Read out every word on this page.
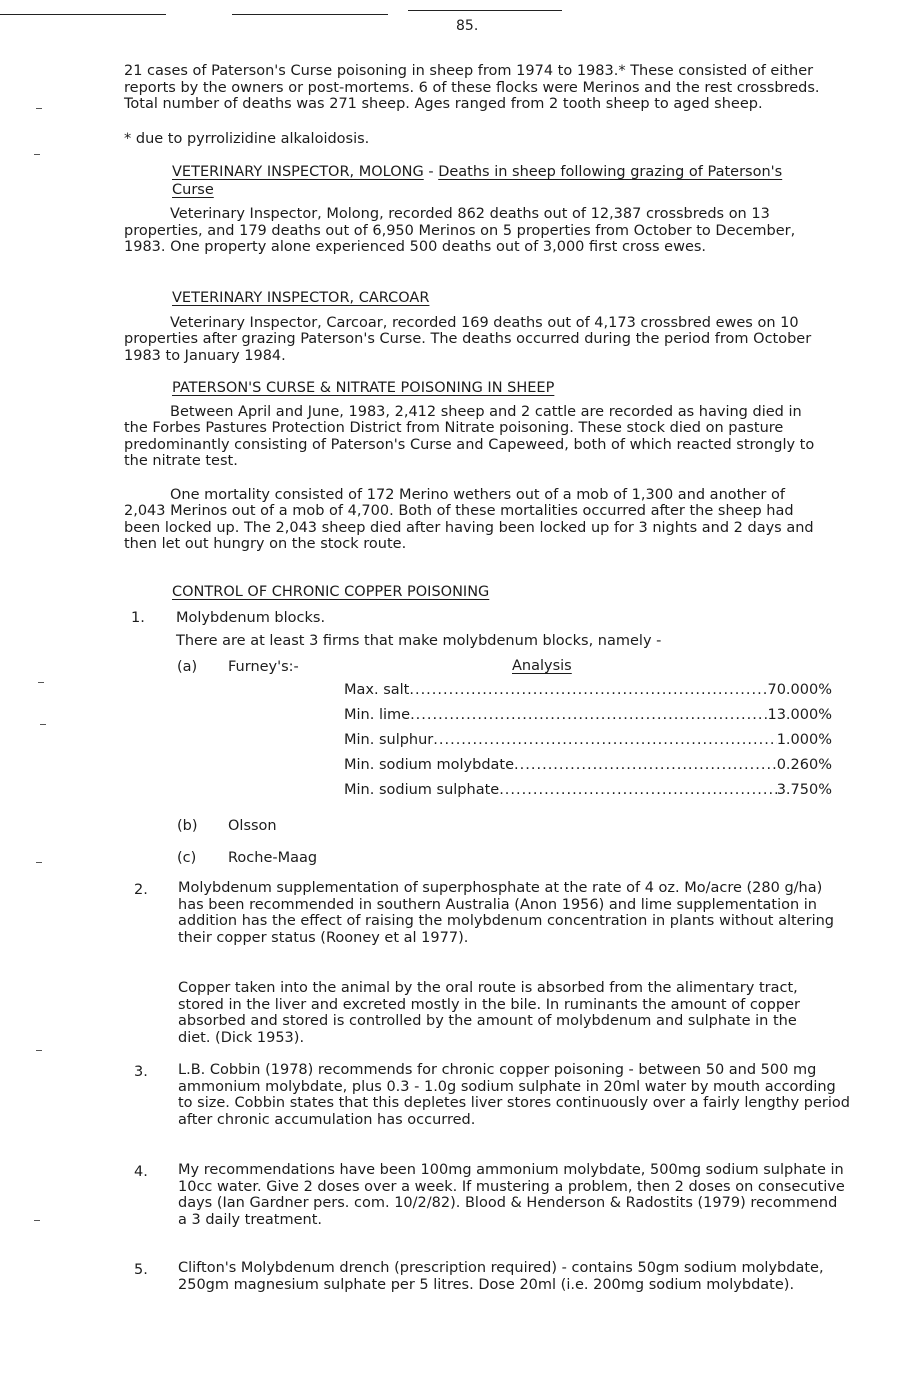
85.

21 cases of Paterson's Curse poisoning in sheep from 1974 to 1983.* These consisted of either reports by the owners or post-mortems. 6 of these flocks were Merinos and the rest crossbreds. Total number of deaths was 271 sheep. Ages ranged from 2 tooth sheep to aged sheep.

* due to pyrrolizidine alkaloidosis.

VETERINARY INSPECTOR, MOLONG - Deaths in sheep following grazing of Paterson's Curse

Veterinary Inspector, Molong, recorded 862 deaths out of 12,387 crossbreds on 13 properties, and 179 deaths out of 6,950 Merinos on 5 properties from October to December, 1983. One property alone experienced 500 deaths out of 3,000 first cross ewes.

VETERINARY INSPECTOR, CARCOAR

Veterinary Inspector, Carcoar, recorded 169 deaths out of 4,173 crossbred ewes on 10 properties after grazing Paterson's Curse. The deaths occurred during the period from October 1983 to January 1984.

PATERSON'S CURSE & NITRATE POISONING IN SHEEP

Between April and June, 1983, 2,412 sheep and 2 cattle are recorded as having died in the Forbes Pastures Protection District from Nitrate poisoning. These stock died on pasture predominantly consisting of Paterson's Curse and Capeweed, both of which reacted strongly to the nitrate test.

One mortality consisted of 172 Merino wethers out of a mob of 1,300 and another of 2,043 Merinos out of a mob of 4,700. Both of these mortalities occurred after the sheep had been locked up. The 2,043 sheep died after having been locked up for 3 nights and 2 days and then let out hungry on the stock route.

CONTROL OF CHRONIC COPPER POISONING

1. Molybdenum blocks.

There are at least 3 firms that make molybdenum blocks, namely -

(a) Furney's:-	Analysis
Max. salt .....	70.000%
Min. lime .....	13.000%
Min. sulphur .....	1.000%
Min. sodium molybdate .....	0.260%
Min. sodium sulphate .....	3.750%
(b) Olsson
(c) Roche-Maag
2. Molybdenum supplementation of superphosphate at the rate of 4 oz. Mo/acre (280 g/ha) has been recommended in southern Australia (Anon 1956) and lime supplementation in addition has the effect of raising the molybdenum concentration in plants without altering their copper status (Rooney et al 1977).

Copper taken into the animal by the oral route is absorbed from the alimentary tract, stored in the liver and excreted mostly in the bile. In ruminants the amount of copper absorbed and stored is controlled by the amount of molybdenum and sulphate in the diet. (Dick 1953).

3. L.B. Cobbin (1978) recommends for chronic copper poisoning - between 50 and 500 mg ammonium molybdate, plus 0.3 - 1.0g sodium sulphate in 20ml water by mouth according to size. Cobbin states that this depletes liver stores continuously over a fairly lengthy period after chronic accumulation has occurred.

4. My recommendations have been 100mg ammonium molybdate, 500mg sodium sulphate in 10cc water. Give 2 doses over a week. If mustering a problem, then 2 doses on consecutive days (Ian Gardner pers. com. 10/2/82). Blood & Henderson & Radostits (1979) recommend a 3 daily treatment.

5. Clifton's Molybdenum drench (prescription required) - contains 50gm sodium molybdate, 250gm magnesium sulphate per 5 litres. Dose 20ml (i.e. 200mg sodium molybdate).
